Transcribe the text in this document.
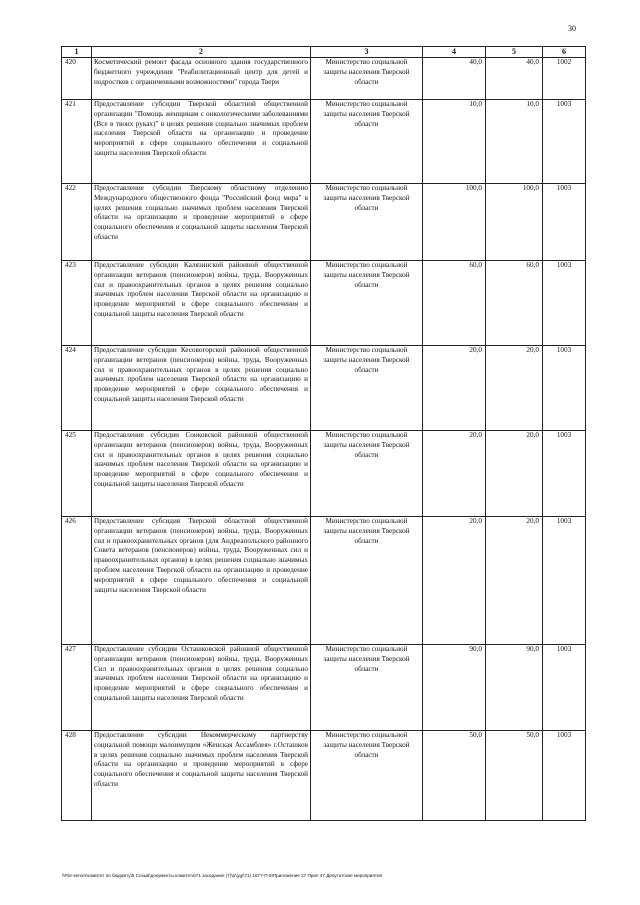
30
1	2	3	4	5	6
420	Косметический ремонт фасада основного здания государственного бюджетного учреждения "Реабилитационный центр для детей и подростков с ограниченными возможностями" города Твери	Министерство социальной защиты населения Тверской области	40,0	40,0	1002
421	Предоставление субсидии Тверской областной общественной организации "Помощь женщинам с онкологическими заболеваниями (Все в твоих руках)" в целях решения социально значимых проблем населения Тверской области на организацию и проведение мероприятий в сфере социального обеспечения и социальной защиты населения Тверской области	Министерство социальной защиты населения Тверской области	10,0	10,0	1003
422	Предоставление субсидии Тверскому областному отделению Международного общественного фонда "Российский фонд мира" в целях решения социально значимых проблем населения Тверской области на организацию и проведение мероприятий в сфере социального обеспечения и социальной защиты населения Тверской области	Министерство социальной защиты населения Тверской области	100,0	100,0	1003
423	Предоставление субсидии Калязинской районной общественной организации ветеранов (пенсионеров) войны, труда, Вооруженных сил и правоохранительных органов в целях решения социально значимых проблем населения Тверской области на организацию и проведение мероприятий в сфере социального обеспечения и социальной защиты населения Тверской области	Министерство социальной защиты населения Тверской области	60,0	60,0	1003
424	Предоставление субсидии Кесовогорской районной общественной организации ветеранов (пенсионеров) войны, труда, Вооруженных сил и правоохранительных органов в целях решения социально значимых проблем населения Тверской области на организацию и проведение мероприятий в сфере социального обеспечения и социальной защиты населения Тверской области	Министерство социальной защиты населения Тверской области	20,0	20,0	1003
425	Предоставление субсидии Сонковской районной общественной организации ветеранов (пенсионеров) войны, труда, Вооруженных сил и правоохранительных органов в целях решения социально значимых проблем населения Тверской области на организацию и проведение мероприятий в сфере социального обеспечения и социальной защиты населения Тверской области	Министерство социальной защиты населения Тверской области	20,0	20,0	1003
426	Предоставление субсидия Тверской областной общественной организации ветеранов (пенсионеров) войны, труда, Вооруженных сил и правоохранительных органов (для Андреапольского районного Совета ветеранов (пенсионеров) войны, труда, Вооруженных сил и правоохранительных органов) в целях решения социально значимых проблем населения Тверской области на организацию и проведение мероприятий в сфере социального обеспечения и социальной защиты населения Тверской области	Министерство социальной защиты населения Тверской области	20,0	20,0	1003
427	Предоставление субсидии Осташковской районной общественной организации ветеранов (пенсионеров) войны, труда, Вооруженных Сил и правоохранительных органов в целях решения социально значимых проблем населения Тверской области на организацию и проведение мероприятий в сфере социального обеспечения и социальной защиты населения Тверской области	Министерство социальной защиты населения Тверской области	90,0	90,0	1003
428	Предоставление субсидии Некоммерческому партнерству социальной помощи малоимущим «Женская Ассамблея» г.Осташков в целях решения социально значимых проблем населения Тверской области на организацию и проведение мероприятий в сфере социального обеспечения и социальной защиты населения Тверской области	Министерство социальной защиты населения Тверской области	50,0	50,0	1003
\\File-server\комитет по бюджету\5 Созыв\документы комитета\71 заседание (7)\р\(др\71) 1877-П-5\Приложение 27 Прил 47 Депутатские мероприятия
